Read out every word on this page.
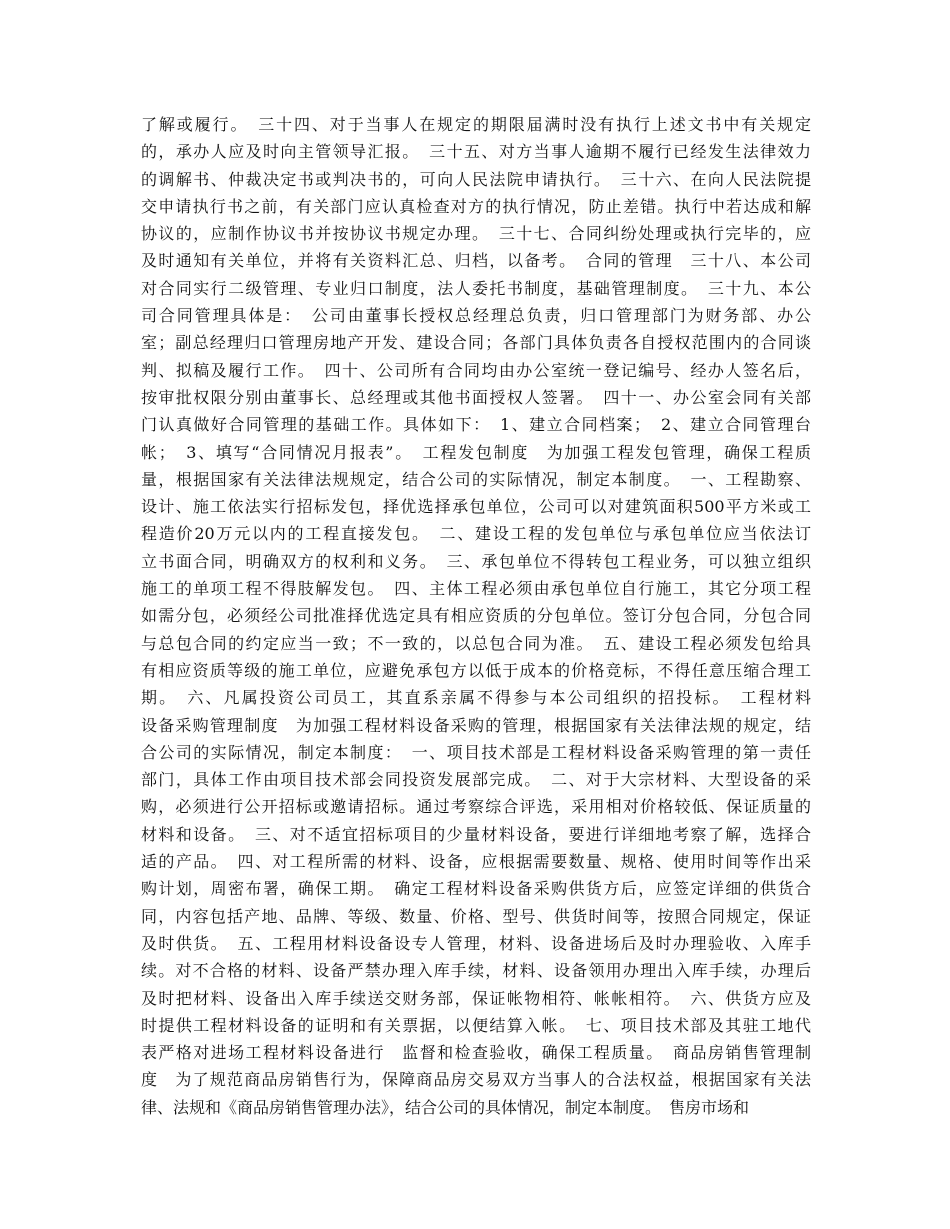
了解或履行。　三十四、对于当事人在规定的期限届满时没有执行上述文书中有关规定
的，承办人应及时向主管领导汇报。　三十五、对方当事人逾期不履行已经发生法律效力
的调解书、仲裁决定书或判决书的，可向人民法院申请执行。　三十六、在向人民法院提
交申请执行书之前，有关部门应认真检查对方的执行情况，防止差错。执行中若达成和解
协议的，应制作协议书并按协议书规定办理。　三十七、合同纠纷处理或执行完毕的，应
及时通知有关单位，并将有关资料汇总、归档，以备考。　合同的管理　三十八、本公司
对合同实行二级管理、专业归口制度，法人委托书制度，基础管理制度。　三十九、本公
司合同管理具体是：　公司由董事长授权总经理总负责，归口管理部门为财务部、办公
室；副总经理归口管理房地产开发、建设合同；各部门具体负责各自授权范围内的合同谈
判、拟稿及履行工作。　四十、公司所有合同均由办公室统一登记编号、经办人签名后，
按审批权限分别由董事长、总经理或其他书面授权人签署。　四十一、办公室会同有关部
门认真做好合同管理的基础工作。具体如下：　1、建立合同档案；　2、建立合同管理台
帐；　3、填写“合同情况月报表”。　工程发包制度　为加强工程发包管理，确保工程质
量，根据国家有关法律法规规定，结合公司的实际情况，制定本制度。　一、工程勘察、
设计、施工依法实行招标发包，择优选择承包单位，公司可以对建筑面积500平方米或工
程造价20万元以内的工程直接发包。　二、建设工程的发包单位与承包单位应当依法订
立书面合同，明确双方的权利和义务。　三、承包单位不得转包工程业务，可以独立组织
施工的单项工程不得肢解发包。　四、主体工程必须由承包单位自行施工，其它分项工程
如需分包，必须经公司批准择优选定具有相应资质的分包单位。签订分包合同，分包合同
与总包合同的约定应当一致；不一致的，以总包合同为准。　五、建设工程必须发包给具
有相应资质等级的施工单位，应避免承包方以低于成本的价格竞标，不得任意压缩合理工
期。　六、凡属投资公司员工，其直系亲属不得参与本公司组织的招投标。　工程材料
设备采购管理制度　为加强工程材料设备采购的管理，根据国家有关法律法规的规定，结
合公司的实际情况，制定本制度：　一、项目技术部是工程材料设备采购管理的第一责任
部门，具体工作由项目技术部会同投资发展部完成。　二、对于大宗材料、大型设备的采
购，必须进行公开招标或邀请招标。通过考察综合评选，采用相对价格较低、保证质量的
材料和设备。　三、对不适宜招标项目的少量材料设备，要进行详细地考察了解，选择合
适的产品。　四、对工程所需的材料、设备，应根据需要数量、规格、使用时间等作出采
购计划，周密布署，确保工期。　确定工程材料设备采购供货方后，应签定详细的供货合
同，内容包括产地、品牌、等级、数量、价格、型号、供货时间等，按照合同规定，保证
及时供货。　五、工程用材料设备设专人管理，材料、设备进场后及时办理验收、入库手
续。对不合格的材料、设备严禁办理入库手续，材料、设备领用办理出入库手续，办理后
及时把材料、设备出入库手续送交财务部，保证帐物相符、帐帐相符。　六、供货方应及
时提供工程材料设备的证明和有关票据，以便结算入帐。　七、项目技术部及其驻工地代
表严格对进场工程材料设备进行　监督和检查验收，确保工程质量。　商品房销售管理制
度　为了规范商品房销售行为，保障商品房交易双方当事人的合法权益，根据国家有关法
律、法规和《商品房销售管理办法》，结合公司的具体情况，制定本制度。　售房市场和
